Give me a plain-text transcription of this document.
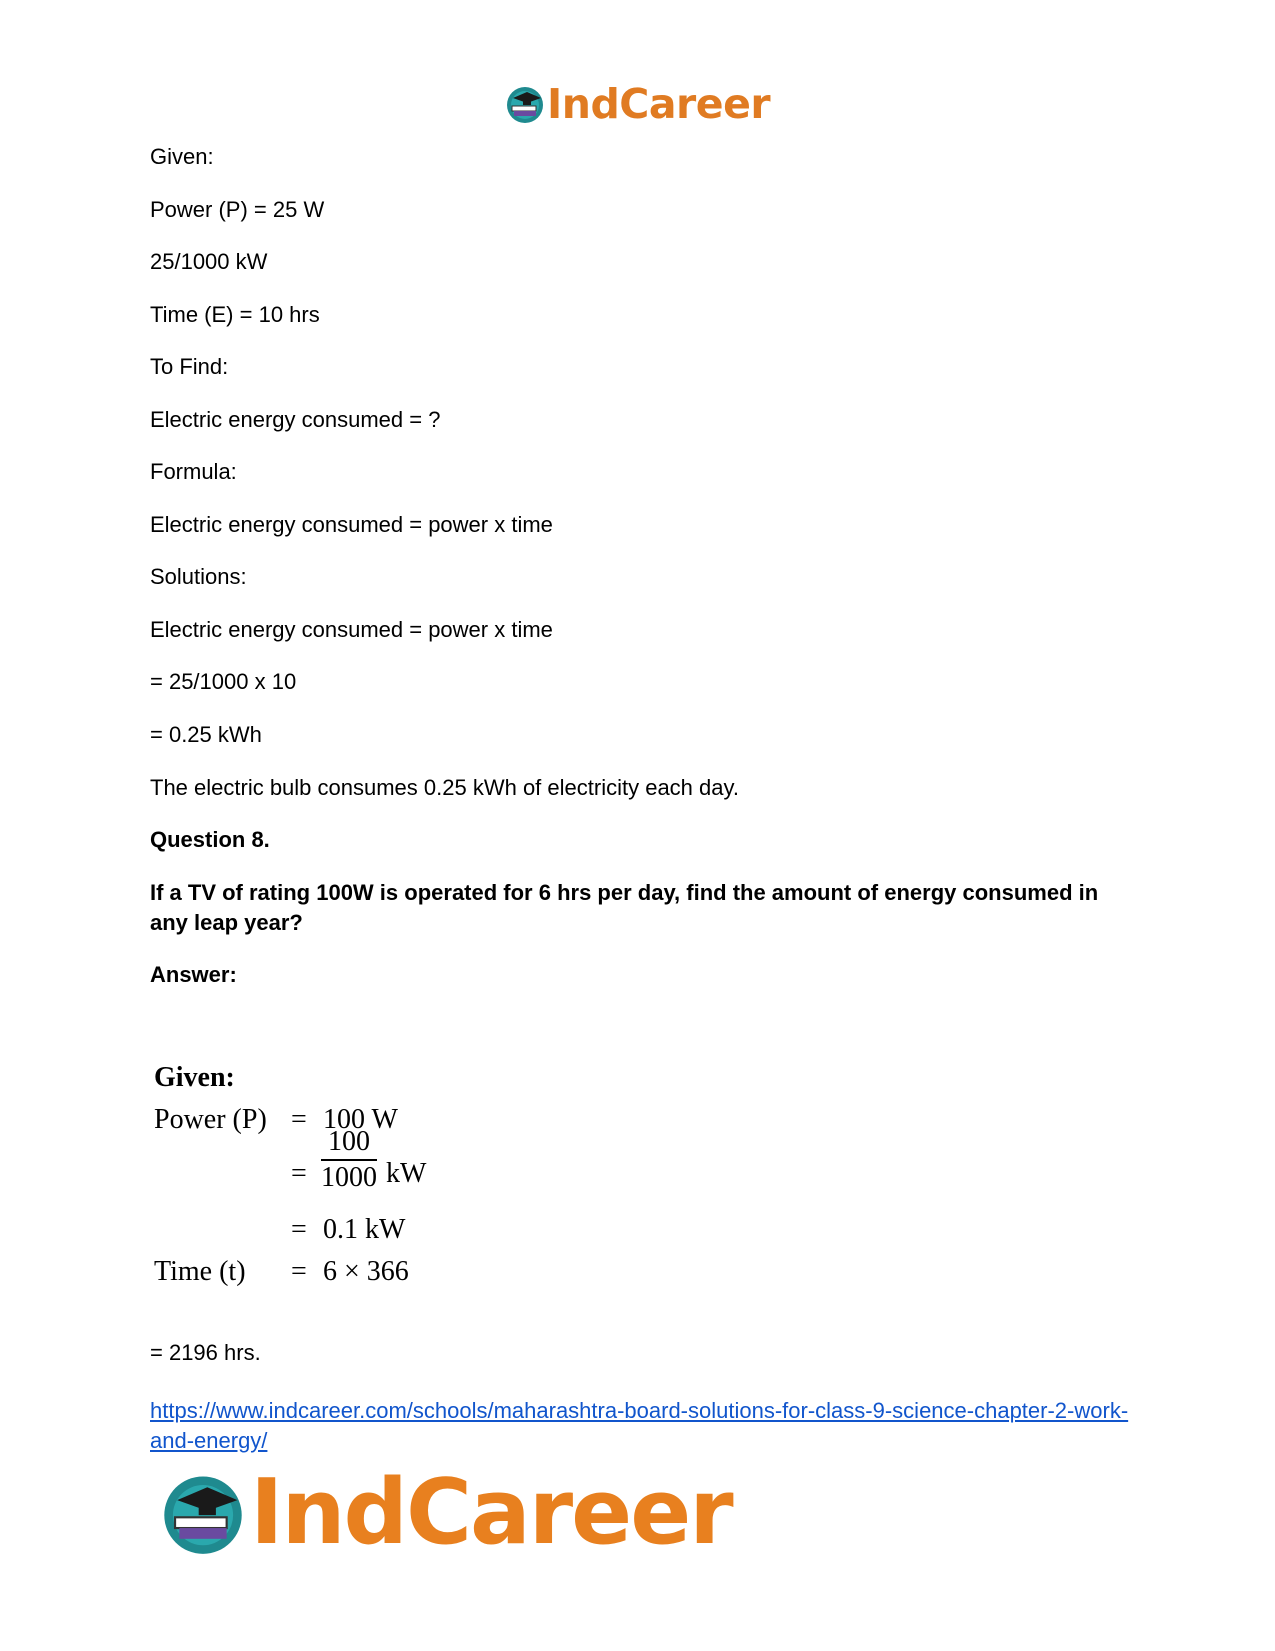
IndCareer
Given:
Power (P) = 25 W
25/1000 kW
Time (E) = 10 hrs
To Find:
Electric energy consumed = ?
Formula:
Electric energy consumed = power x time
Solutions:
Electric energy consumed = power x time
= 25/1000 x 10
= 0.25 kWh
The electric bulb consumes 0.25 kWh of electricity each day.
Question 8.
If a TV of rating 100W is operated for 6 hrs per day, find the amount of energy consumed in any leap year?
Answer:
Given:
Power (P) = 100 W
=
100
1000 kW
= 0.1 kW
Time (t) = 6 × 366
= 2196 hrs.
https://www.indcareer.com/schools/maharashtra-board-solutions-for-class-9-science-chapter-2-work-and-energy/
IndCareer
